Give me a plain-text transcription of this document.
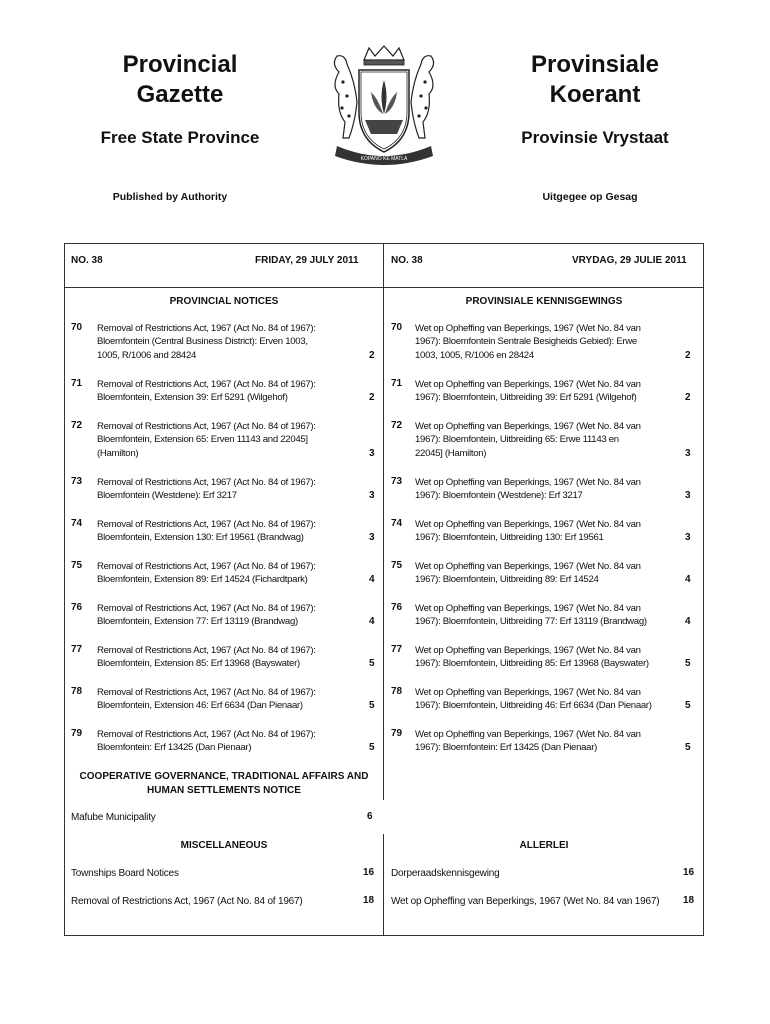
Provincial
Gazette
Provinsiale
Koerant
Free State Province	Provinsie Vrystaat
Published by Authority	Uitgegee op Gesag
KOPANO KE MATLA
NO. 38	FRIDAY, 29 JULY 2011	NO. 38	VRYDAG, 29 JULIE 2011
PROVINCIAL NOTICES	PROVINSIALE KENNISGEWINGS
70 Removal of Restrictions Act, 1967 (Act No. 84 of 1967):
Bloemfontein (Central Business District): Erven 1003,
1005, R/1006 and 28424	2
70 Wet op Opheffing van Beperkings, 1967 (Wet No. 84 van
1967): Bloemfontein Sentrale Besigheids Gebied): Erwe
1003, 1005, R/1006 en 28424	2
71 Removal of Restrictions Act, 1967 (Act No. 84 of 1967):
Bloemfontein, Extension 39: Erf 5291 (Wilgehof)	2
71 Wet op Opheffing van Beperkings, 1967 (Wet No. 84 van
1967): Bloemfontein, Uitbreiding 39: Erf 5291 (Wilgehof)	2
72 Removal of Restrictions Act, 1967 (Act No. 84 of 1967):
Bloemfontein, Extension 65: Erven 11143 and 22045]
(Hamilton)	3
72 Wet op Opheffing van Beperkings, 1967 (Wet No. 84 van
1967): Bloemfontein, Uitbreiding 65: Erwe 11143 en
22045] (Hamilton)	3
73 Removal of Restrictions Act, 1967 (Act No. 84 of 1967):
Bloemfontein (Westdene): Erf 3217	3
73 Wet op Opheffing van Beperkings, 1967 (Wet No. 84 van
1967): Bloemfontein (Westdene): Erf 3217	3
74 Removal of Restrictions Act, 1967 (Act No. 84 of 1967):
Bloemfontein, Extension 130: Erf 19561 (Brandwag)	3
74 Wet op Opheffing van Beperkings, 1967 (Wet No. 84 van
1967): Bloemfontein, Uitbreiding 130: Erf 19561	3
75 Removal of Restrictions Act, 1967 (Act No. 84 of 1967):
Bloemfontein, Extension 89: Erf 14524 (Fichardtpark)	4
75 Wet op Opheffing van Beperkings, 1967 (Wet No. 84 van
1967): Bloemfontein, Uitbreiding 89: Erf 14524	4
76 Removal of Restrictions Act, 1967 (Act No. 84 of 1967):
Bloemfontein, Extension 77: Erf 13119 (Brandwag)	4
76 Wet op Opheffing van Beperkings, 1967 (Wet No. 84 van
1967): Bloemfontein, Uitbreiding 77: Erf 13119 (Brandwag)	4
77 Removal of Restrictions Act, 1967 (Act No. 84 of 1967):
Bloemfontein, Extension 85: Erf 13968 (Bayswater)	5
77 Wet op Opheffing van Beperkings, 1967 (Wet No. 84 van
1967): Bloemfontein, Uitbreiding 85: Erf 13968 (Bayswater)	5
78 Removal of Restrictions Act, 1967 (Act No. 84 of 1967):
Bloemfontein, Extension 46: Erf 6634 (Dan Pienaar)	5
78 Wet op Opheffing van Beperkings, 1967 (Wet No. 84 van
1967): Bloemfontein, Uitbreiding 46: Erf 6634 (Dan Pienaar)	5
79 Removal of Restrictions Act, 1967 (Act No. 84 of 1967):
Bloemfontein: Erf 13425 (Dan Pienaar)	5
79 Wet op Opheffing van Beperkings, 1967 (Wet No. 84 van
1967): Bloemfontein: Erf 13425 (Dan Pienaar)	5
COOPERATIVE GOVERNANCE, TRADITIONAL AFFAIRS AND
HUMAN SETTLEMENTS NOTICE
Mafube Municipality	6
MISCELLANEOUS	ALLERLEI
Townships Board Notices	16 Dorperaadskennisgewing	16
Removal of Restrictions Act, 1967 (Act No. 84 of 1967)	18 Wet op Opheffing van Beperkings, 1967 (Wet No. 84 van 1967) 18
